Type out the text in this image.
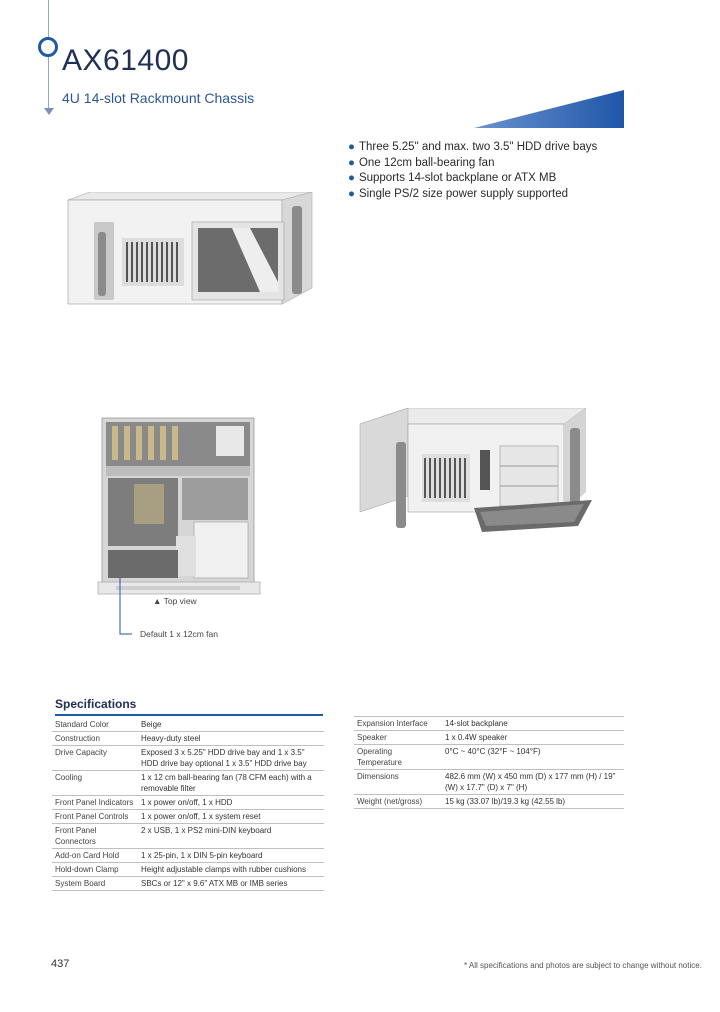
AX61400
4U 14-slot Rackmount Chassis
● Three 5.25" and max. two 3.5" HDD drive bays
● One 12cm ball-bearing fan
● Supports 14-slot backplane or ATX MB
● Single PS/2 size power supply supported
▲ Top view
Default 1 x 12cm fan
Specifications
Standard Color	Beige
Construction	Heavy-duty steel
Drive Capacity	Exposed 3 x 5.25" HDD drive bay and 1 x 3.5" HDD drive bay optional 1 x 3.5" HDD drive bay
Cooling	1 x 12 cm ball-bearing fan (78 CFM each) with a removable filter
Front Panel Indicators	1 x power on/off, 1 x HDD
Front Panel Controls	1 x power on/off, 1 x system reset
Front Panel Connectors	2 x USB, 1 x PS2 mini-DIN keyboard
Add-on Card Hold	1 x 25-pin, 1 x DIN 5-pin keyboard
Hold-down Clamp	Height adjustable clamps with rubber cushions
System Board	SBCs or 12" x 9.6" ATX MB or IMB series
Expansion Interface	14-slot backplane
Speaker	1 x 0.4W speaker
Operating Temperature	0°C ~ 40°C (32°F ~ 104°F)
Dimensions	482.6 mm (W) x 450 mm (D) x 177 mm (H) / 19" (W) x 17.7" (D) x 7" (H)
Weight (net/gross)	15 kg (33.07 lb)/19.3 kg (42.55 lb)
437	* All specifications and photos are subject to change without notice.
